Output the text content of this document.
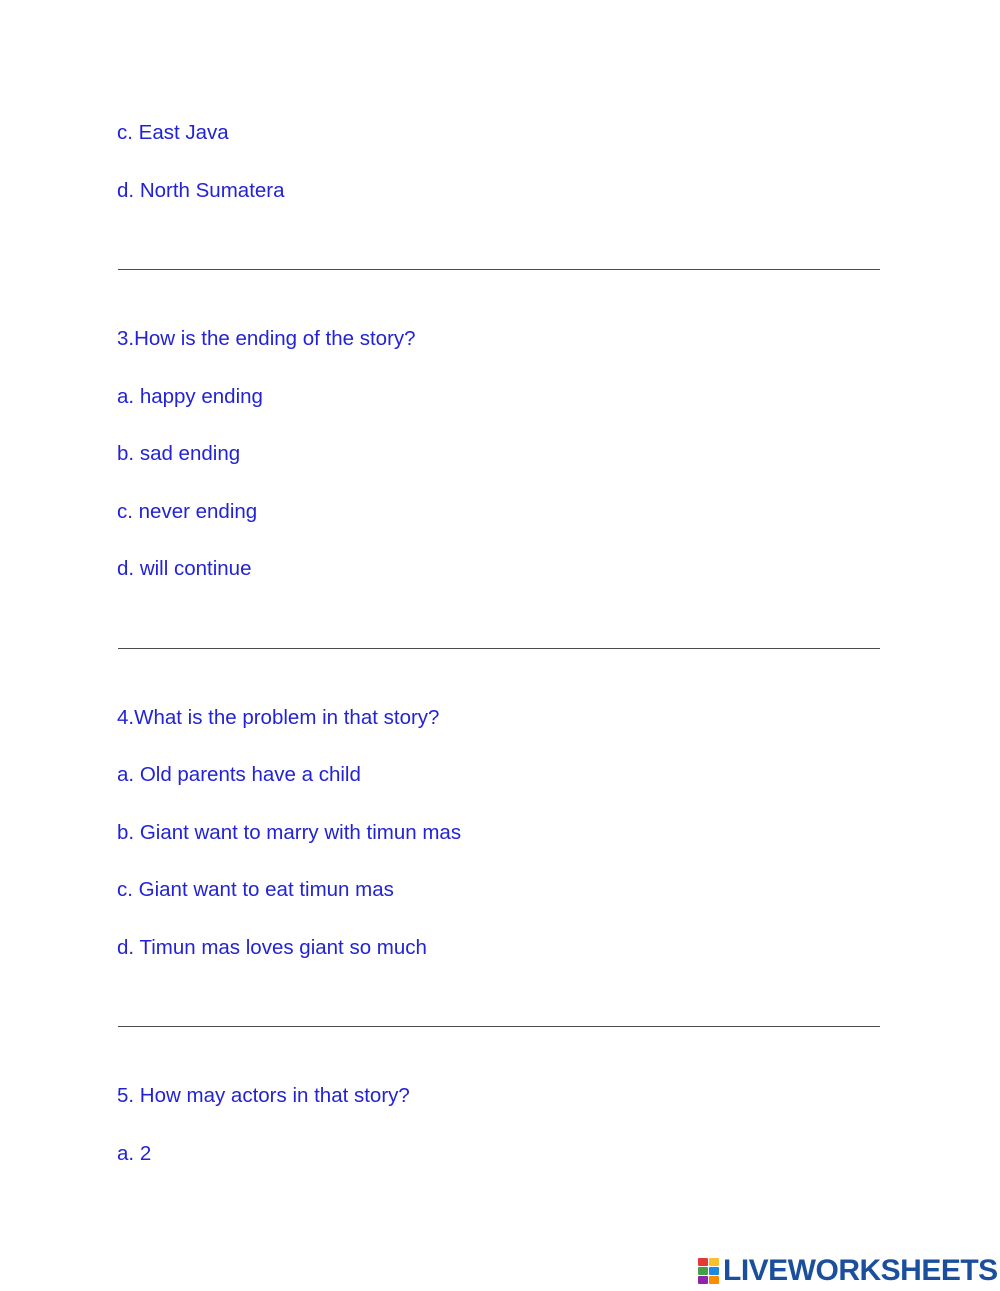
c. East Java
d. North Sumatera
3.How is the ending of the story?
a. happy ending
b. sad ending
c. never ending
d. will continue
4.What is the problem in that story?
a. Old parents have a child
b. Giant want to marry with timun mas
c. Giant want to eat timun mas
d. Timun mas loves giant so much
5. How may actors in that story?
a. 2
LIVEWORKSHEETS
